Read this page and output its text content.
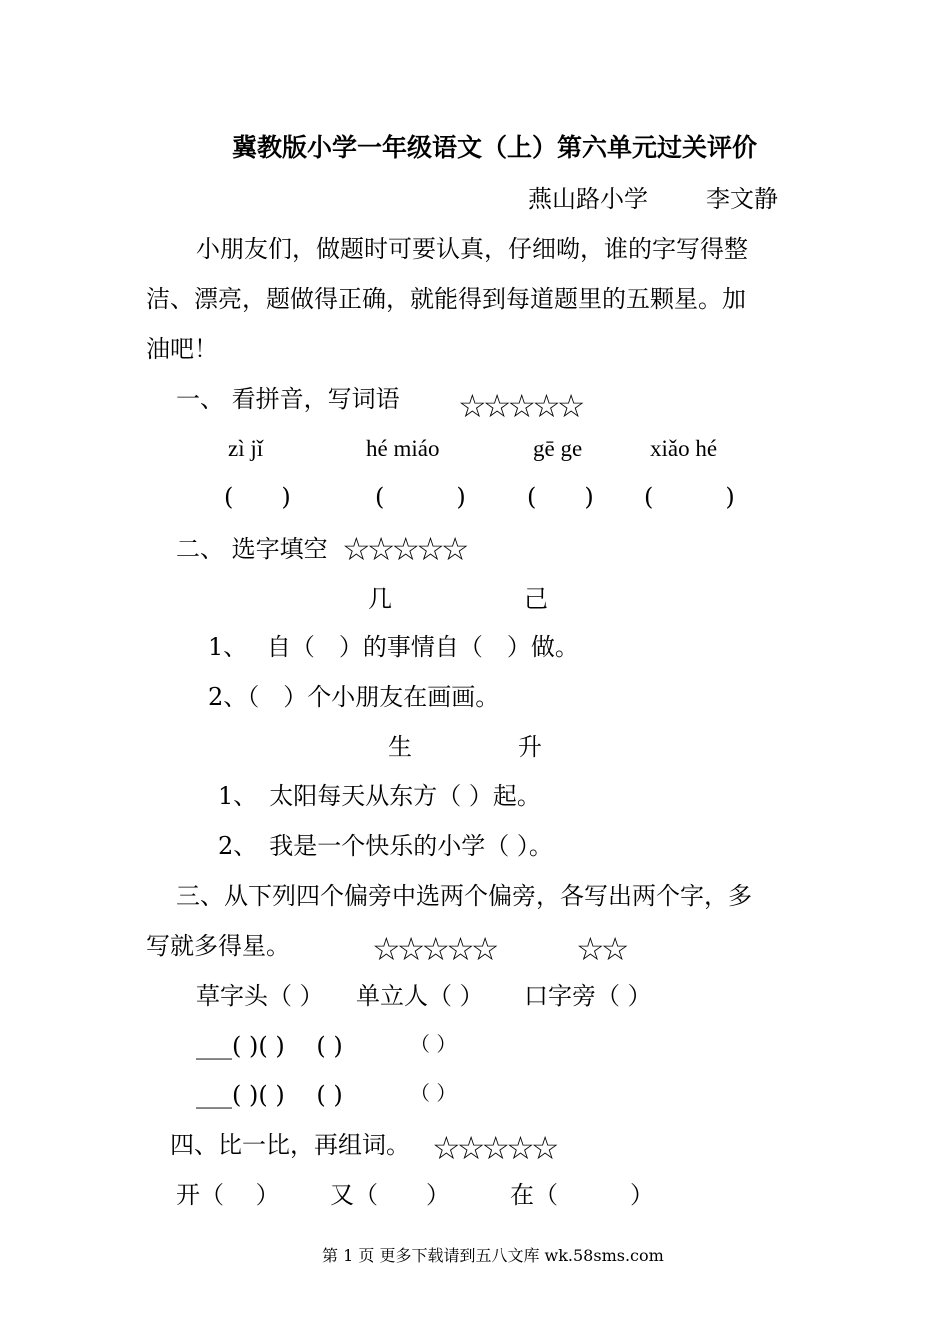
冀教版小学一年级语文（上）第六单元过关评价
燕山路小学 李文静
小朋友们，做题时可要认真，仔细呦，谁的字写得整
洁、漂亮，题做得正确，就能得到每道题里的五颗星。加
油吧！
一、 看拼音，写词语 ☆☆☆☆☆
zì jǐ	hé miáo	gē ge	xiǎo hé
(　　)	(　　　)	(　　) (　　　)
二、 选字填空 ☆☆☆☆☆
几	己
1、　 自（　）的事情自（　）做。
2、（　）个小朋友在画画。
生	升
1、　太阳每天从东方（ ）起。
2、　我是一个快乐的小学（ ）。
三、从下列四个偏旁中选两个偏旁，各写出两个字，多
写就多得星。	☆☆☆☆☆	☆☆
草字头（ ） 单立人（ ） 口字旁（ ）
___( )( )　 ( )	（ ）
___( )( )　 ( )	（ ）
四、比一比，再组词。 ☆☆☆☆☆
开（　 ） 又（　　）	在（　　　）
第 1 页 更多下载请到五八文库 wk.58sms.com
